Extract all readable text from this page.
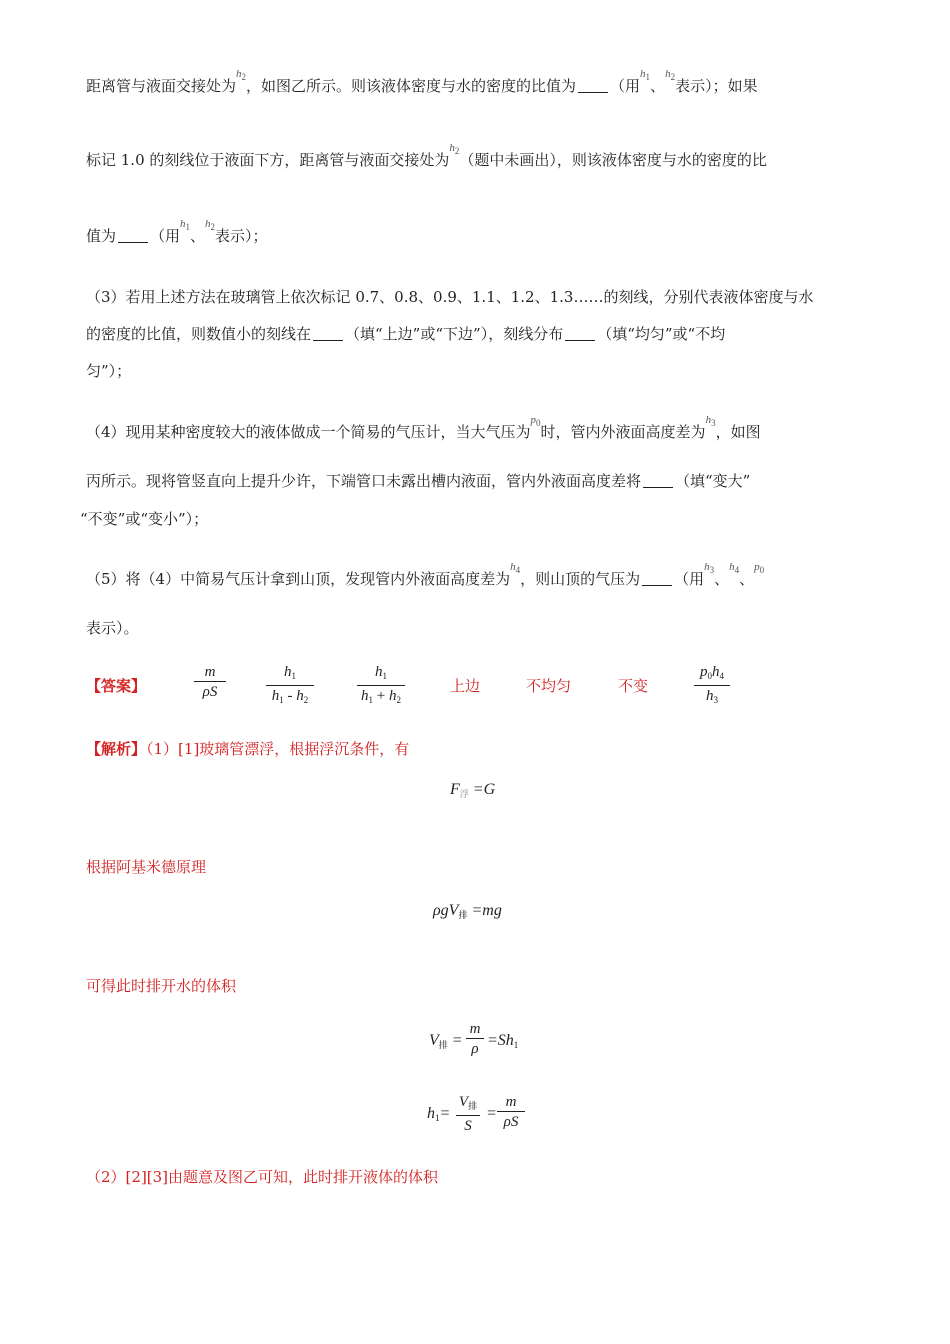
距离管与液面交接处为$^{h_2}$，如图乙所示。则该液体密度与水的密度的比值为 （用$^{h_1}$、$^{h_2}$表示）；如果
标记 1.0 的刻线位于液面下方，距离管与液面交接处为$^{h_2}$（题中未画出），则该液体密度与水的密度的比
值为 （用$^{h_1}$、$^{h_2}$表示）；
（3）若用上述方法在玻璃管上依次标记 0.7、0.8、0.9、1.1、1.2、1.3……的刻线，分别代表液体密度与水
的密度的比值，则数值小的刻线在 （填“上边”或“下边”），刻线分布 （填“均匀”或“不均
匀”）；
（4）现用某种密度较大的液体做成一个简易的气压计，当大气压为$^{p_0}$时，管内外液面高度差为$^{h_3}$，如图
丙所示。现将管竖直向上提升少许，下端管口未露出槽内液面，管内外液面高度差将 （填“变大”
“不变”或“变小”）；
（5）将（4）中简易气压计拿到山顶，发现管内外液面高度差为$^{h_4}$，则山顶的气压为 （用$^{h_3}$、$^{h_4}$、$^{p_0}$
表示）。
【答案】	$\frac{m}{\rho S}$	$\frac{h_1}{h_1 - h_2}$	$\frac{h_1}{h_1 + h_2}$	上边	不均匀	不变	$\frac{p_0h_4}{h_3}$
【解析】（1）[1]玻璃管漂浮，根据浮沉条件，有
$F_浮 =G$
根据阿基米德原理
ρgV$_排$ =mg
可得此时排开水的体积
$V_排 = \frac{m}{\rho} =Sh_1$
$h_1=$
$V_排$
S
= $\frac{m}{\rho S}$
（2）[2][3]由题意及图乙可知，此时排开液体的体积
